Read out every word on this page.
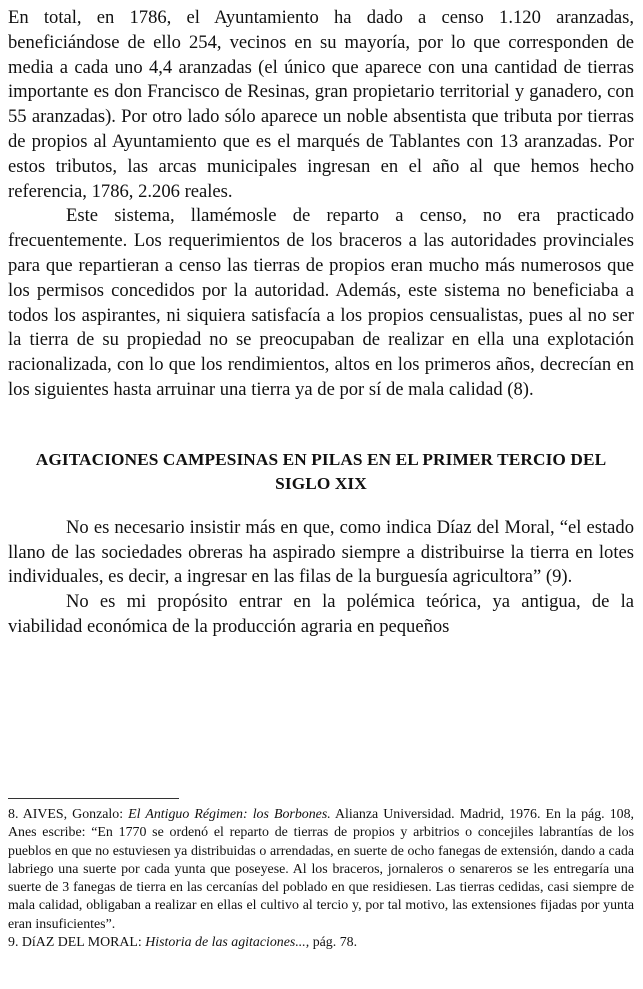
En total, en 1786, el Ayuntamiento ha dado a censo 1.120 aranzadas, beneficiándose de ello 254, vecinos en su mayoría, por lo que corresponden de media a cada uno 4,4 aranzadas (el único que aparece con una cantidad de tierras importante es don Francisco de Resinas, gran propietario territorial y ganadero, con 55 aranzadas). Por otro lado sólo aparece un noble absentista que tributa por tierras de propios al Ayuntamiento que es el marqués de Tablantes con 13 aranzadas. Por estos tributos, las arcas municipales ingresan en el año al que hemos hecho referencia, 1786, 2.206 reales.

Este sistema, llamémosle de reparto a censo, no era practicado frecuentemente. Los requerimientos de los braceros a las autoridades provinciales para que repartieran a censo las tierras de propios eran mucho más numerosos que los permisos concedidos por la autoridad. Además, este sistema no beneficiaba a todos los aspirantes, ni siquiera satisfacía a los propios censualistas, pues al no ser la tierra de su propiedad no se preocupaban de realizar en ella una explotación racionalizada, con lo que los rendimientos, altos en los primeros años, decrecían en los siguientes hasta arruinar una tierra ya de por sí de mala calidad (8).

AGITACIONES CAMPESINAS EN PILAS EN EL PRIMER TERCIO DEL SIGLO XIX

No es necesario insistir más en que, como indica Díaz del Moral, “el estado llano de las sociedades obreras ha aspirado siempre a distribuirse la tierra en lotes individuales, es decir, a ingresar en las filas de la burguesía agricultora” (9).

No es mi propósito entrar en la polémica teórica, ya antigua, de la viabilidad económica de la producción agraria en pequeños

8. AIVES, Gonzalo: El Antiguo Régimen: los Borbones. Alianza Universidad. Madrid, 1976. En la pág. 108, Anes escribe: “En 1770 se ordenó el reparto de tierras de propios y arbitrios o concejiles labrantías de los pueblos en que no estuviesen ya distribuidas o arrendadas, en suerte de ocho fanegas de extensión, dando a cada labriego una suerte por cada yunta que poseyese. Al los braceros, jornaleros o senareros se les entregaría una suerte de 3 fanegas de tierra en las cercanías del poblado en que residiesen. Las tierras cedidas, casi siempre de mala calidad, obligaban a realizar en ellas el cultivo al tercio y, por tal motivo, las extensiones fijadas por yunta eran insuficientes”.

9. DíAZ DEL MORAL: Historia de las agitaciones..., pág. 78.
